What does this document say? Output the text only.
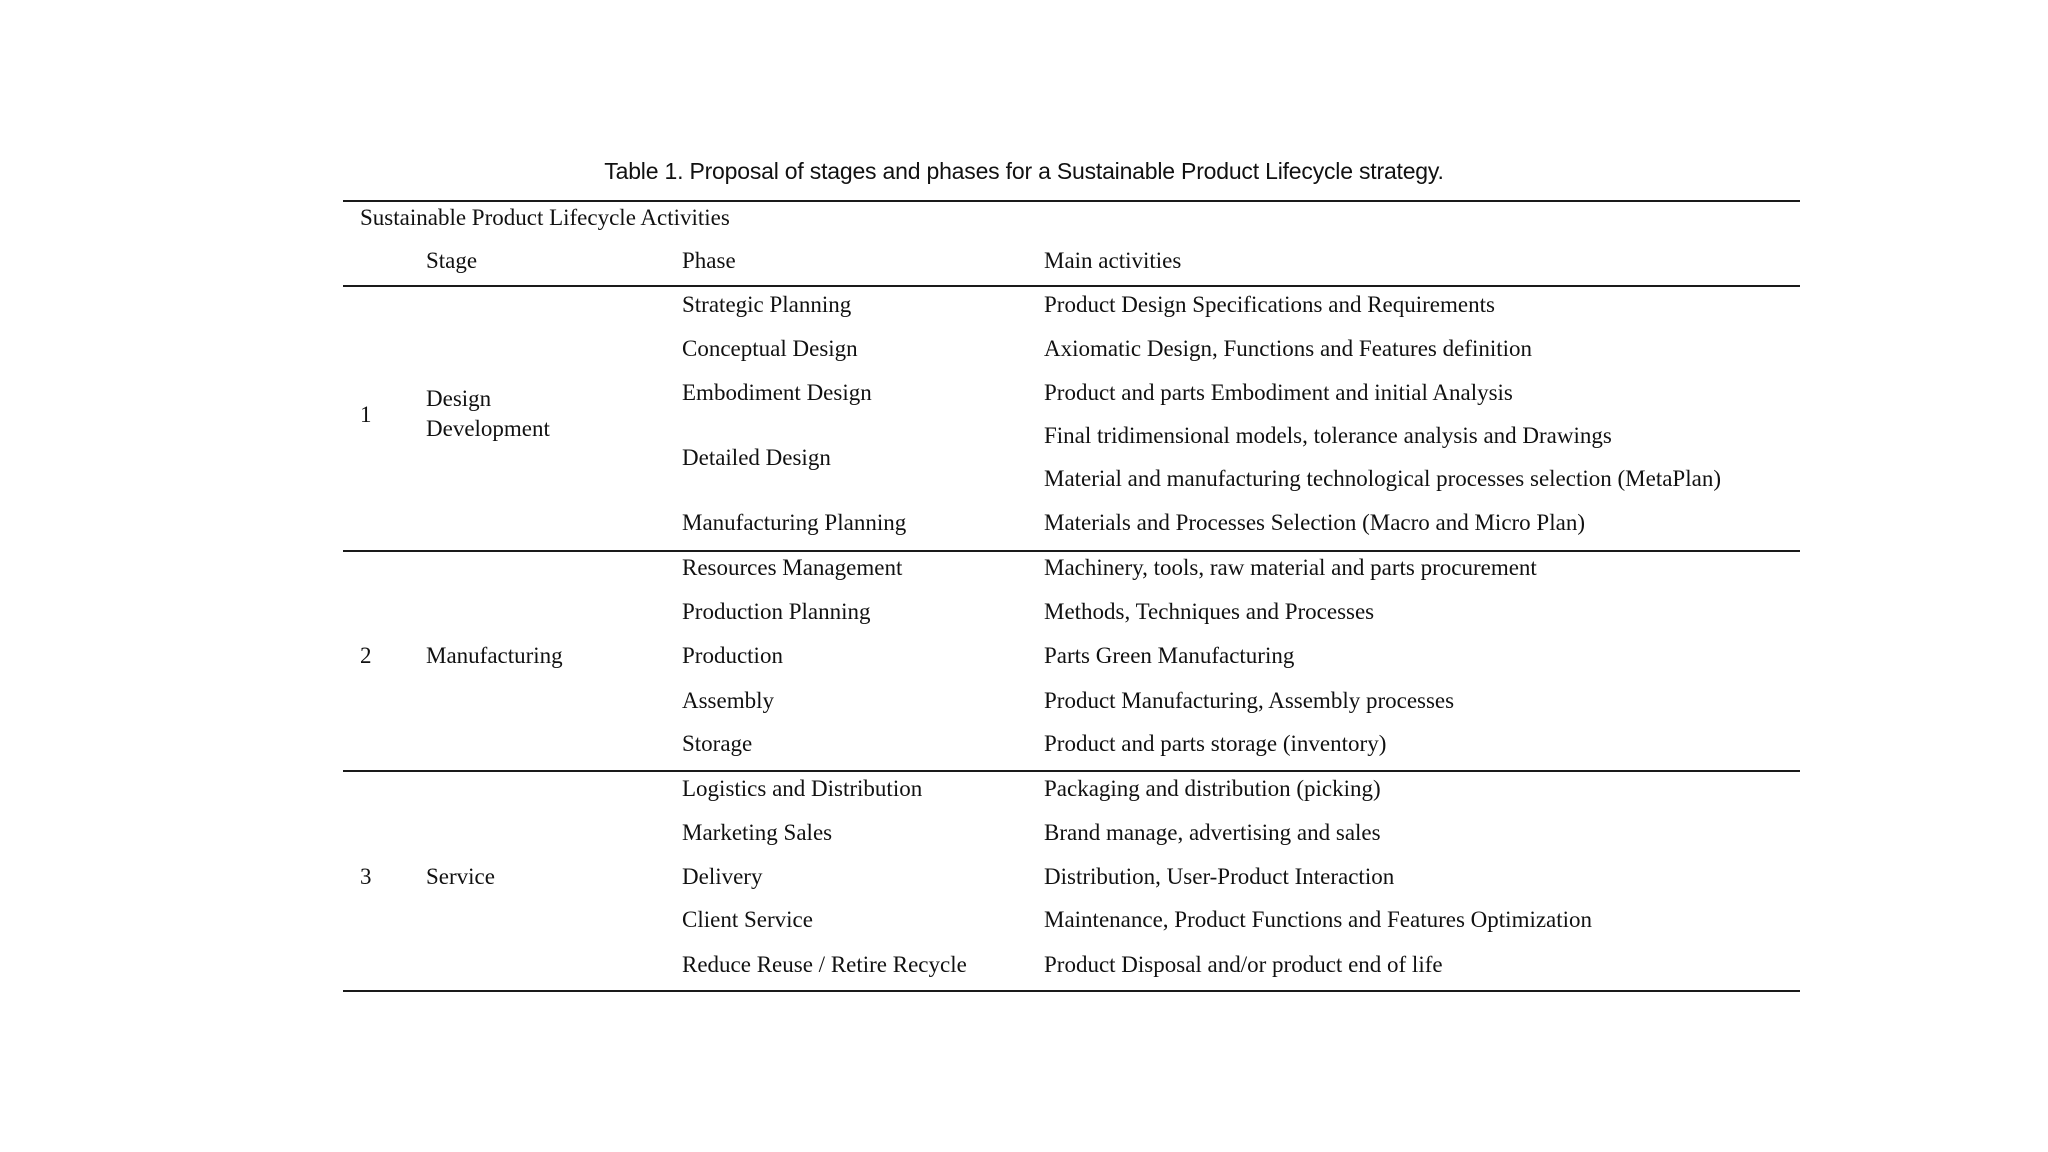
Table 1. Proposal of stages and phases for a Sustainable Product Lifecycle strategy.
Sustainable Product Lifecycle Activities
Stage	Phase	Main activities
1
Design
Development
Strategic Planning
Conceptual Design
Embodiment Design
Detailed Design
Manufacturing Planning
Product Design Specifications and Requirements
Axiomatic Design, Functions and Features definition
Product and parts Embodiment and initial Analysis
Final tridimensional models, tolerance analysis and Drawings
Material and manufacturing technological processes selection (MetaPlan)
Materials and Processes Selection (Macro and Micro Plan)
2 Manufacturing
Resources Management
Production Planning
Production
Assembly
Storage
Machinery, tools, raw material and parts procurement
Methods, Techniques and Processes
Parts Green Manufacturing
Product Manufacturing, Assembly processes
Product and parts storage (inventory)
3 Service
Logistics and Distribution
Marketing Sales
Delivery
Client Service
Reduce Reuse / Retire Recycle
Packaging and distribution (picking)
Brand manage, advertising and sales
Distribution, User-Product Interaction
Maintenance, Product Functions and Features Optimization
Product Disposal and/or product end of life
